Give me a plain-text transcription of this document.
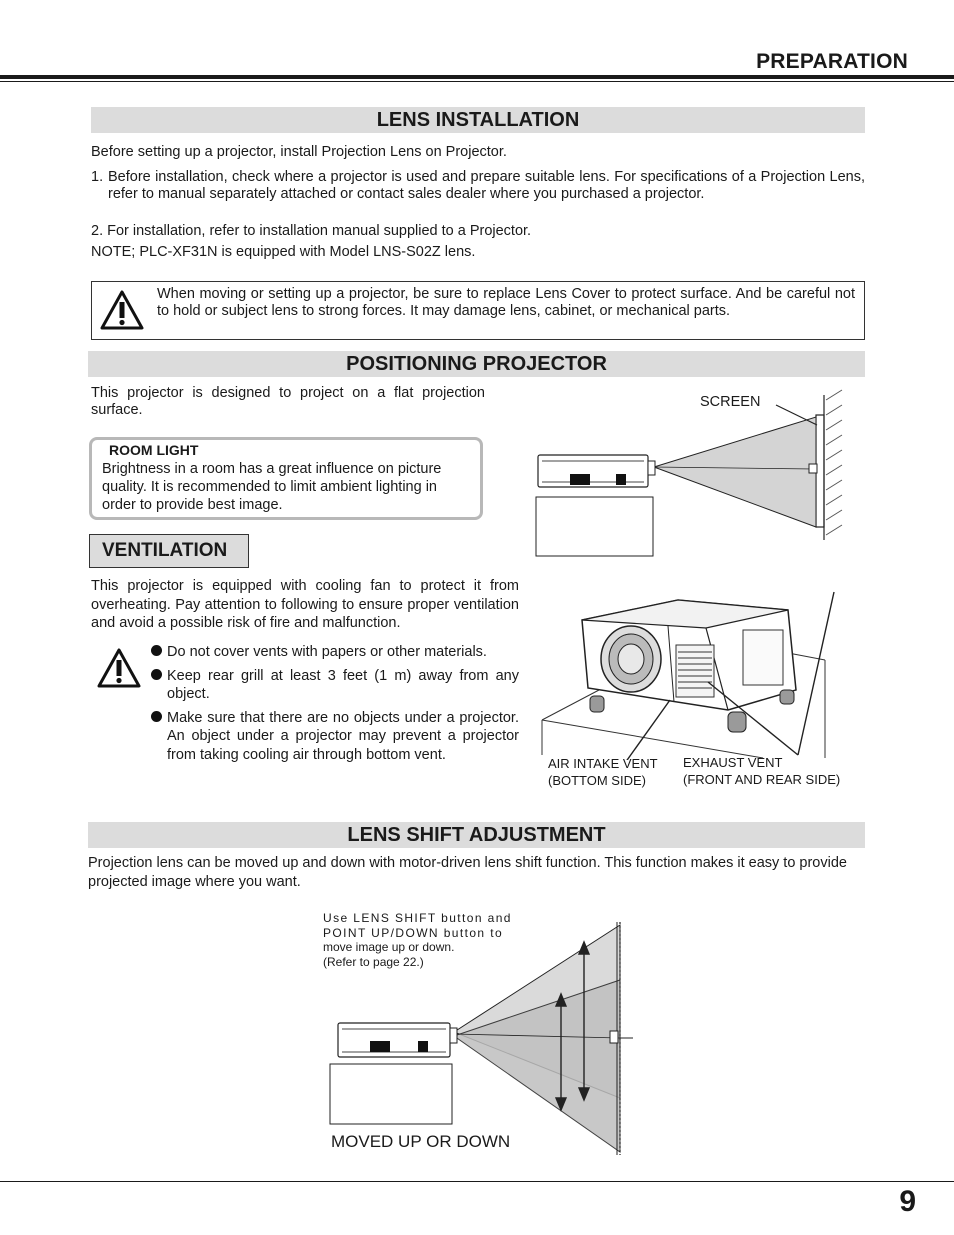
PREPARATION
LENS INSTALLATION
Before setting up a projector, install Projection Lens on Projector.
1. Before installation, check where a projector is used and prepare suitable lens. For specifications of a Projection Lens, refer to manual separately attached or contact sales dealer where you purchased a projector.
2. For installation, refer to installation manual supplied to a Projector.
NOTE; PLC-XF31N is equipped with Model LNS-S02Z lens.
When moving or setting up a projector, be sure to replace Lens Cover to protect surface. And be careful not to hold or subject lens to strong forces. It may damage lens, cabinet, or mechanical parts.
POSITIONING PROJECTOR
This projector is designed to project on a flat projection surface.
ROOM LIGHT
Brightness in a room has a great influence on picture quality. It is recommended to limit ambient lighting in order to provide best image.
SCREEN
VENTILATION
This projector is equipped with cooling fan to protect it from overheating. Pay attention to following to ensure proper ventilation and avoid a possible risk of fire and malfunction.
Do not cover vents with papers or other materials.
Keep rear grill at least 3 feet (1 m) away from any object.
Make sure that there are no objects under a projector. An object under a projector may prevent a projector from taking cooling air through bottom vent.
AIR INTAKE VENT
(BOTTOM SIDE)
EXHAUST VENT
(FRONT AND REAR SIDE)
LENS SHIFT ADJUSTMENT
Projection lens can be moved up and down with motor-driven lens shift function. This function makes it easy to provide projected image where you want.
Use LENS SHIFT button and
POINT UP/DOWN button to
move image up or down.
(Refer to page 22.)
MOVED UP OR DOWN
9
